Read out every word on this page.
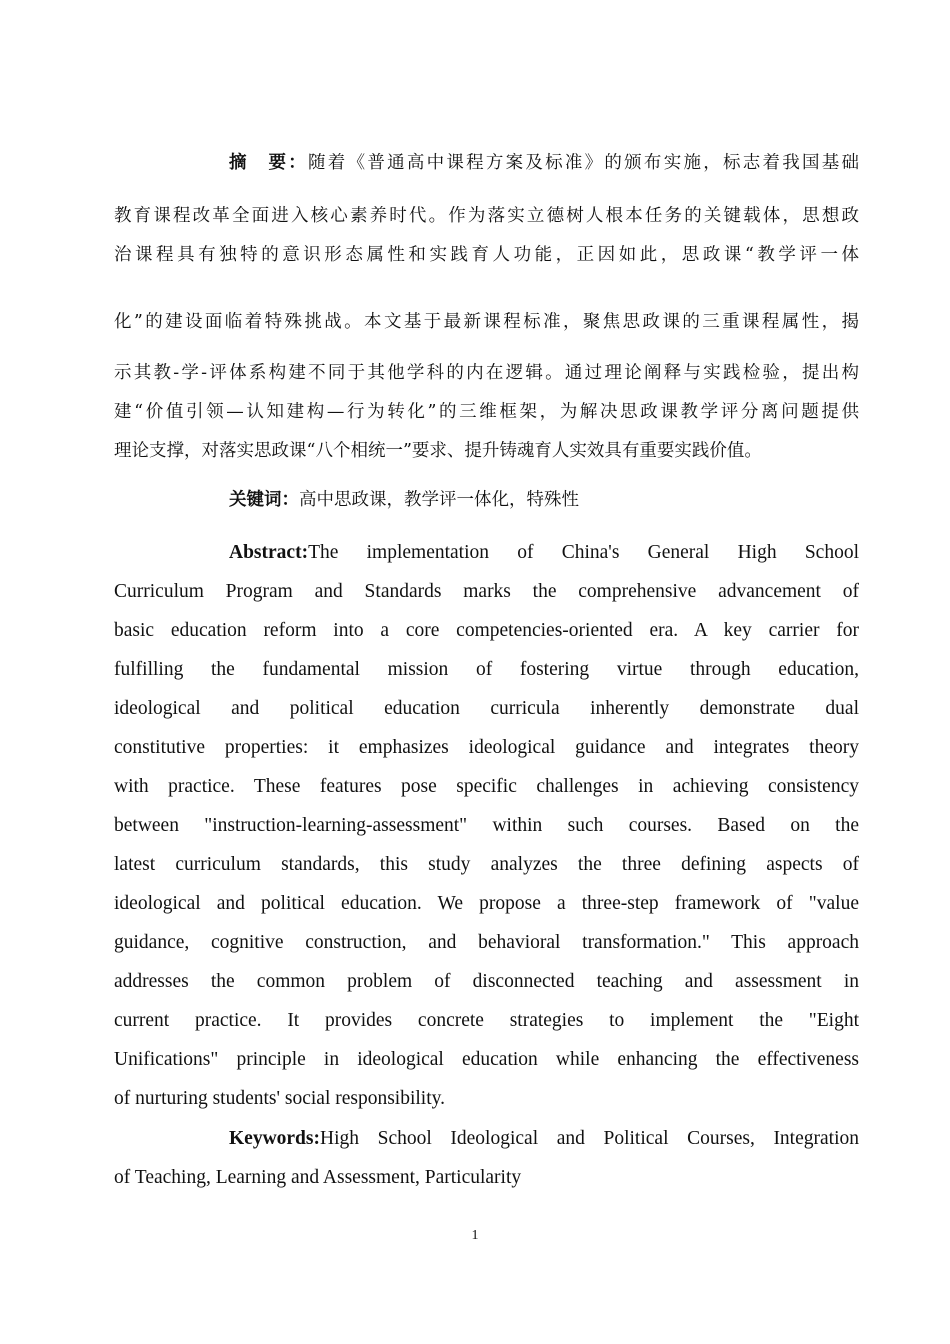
摘　要：随着《普通高中课程方案及标准》的颁布实施，标志着我国基础
教育课程改革全面进入核心素养时代。作为落实立德树人根本任务的关键载体，思想政
治课程具有独特的意识形态属性和实践育人功能，正因如此，思政课“教学评一体
化”的建设面临着特殊挑战。本文基于最新课程标准，聚焦思政课的三重课程属性，揭
示其教-学-评体系构建不同于其他学科的内在逻辑。通过理论阐释与实践检验，提出构
建“价值引领—认知建构—行为转化”的三维框架，为解决思政课教学评分离问题提供
理论支撑，对落实思政课“八个相统一”要求、提升铸魂育人实效具有重要实践价值。
关键词：高中思政课，教学评一体化，特殊性
Abstract:The implementation of China's General High School
Curriculum Program and Standards marks the comprehensive advancement of
basic education reform into a core competencies-oriented era. A key carrier for
fulfilling the fundamental mission of fostering virtue through education,
ideological and political education curricula inherently demonstrate dual
constitutive properties: it emphasizes ideological guidance and integrates theory
with practice. These features pose specific challenges in achieving consistency
between "instruction-learning-assessment" within such courses. Based on the
latest curriculum standards, this study analyzes the three defining aspects of
ideological and political education. We propose a three-step framework of "value
guidance, cognitive construction, and behavioral transformation." This approach
addresses the common problem of disconnected teaching and assessment in
current practice. It provides concrete strategies to implement the "Eight
Unifications" principle in ideological education while enhancing the effectiveness
of nurturing students' social responsibility.
Keywords:High School Ideological and Political Courses, Integration
of Teaching, Learning and Assessment, Particularity
1
